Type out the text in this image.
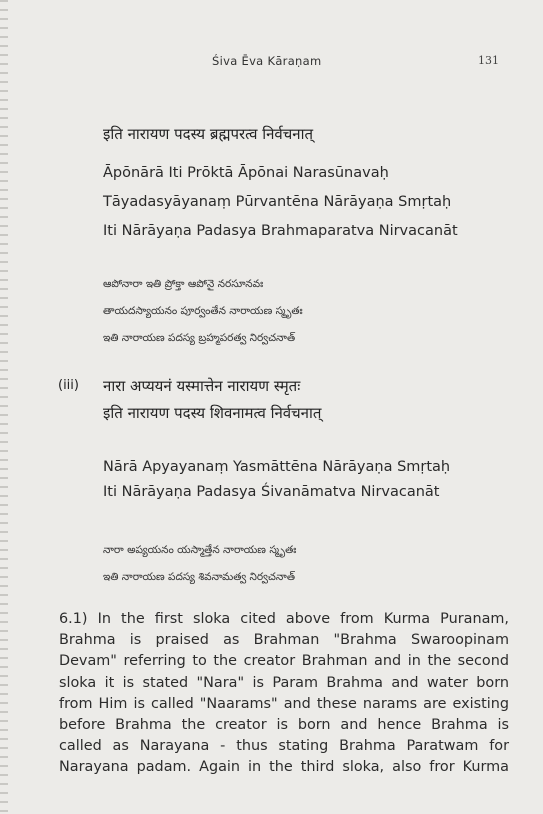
Śiva Ēva Kāraṇam	131
इति नारायण पदस्य ब्रह्मपरत्व निर्वचनात्
Āpōnārā Iti Prōktā Āpōnai Narasūnavaḥ
Tāyadasyāyanaṃ Pūrvantēna Nārāyaṇa Smṛtaḥ
Iti Nārāyaṇa Padasya Brahmaparatva Nirvacanāt
ఆపోనారా ఇతి ప్రోక్తా ఆపోనై నరసూనవః
తాయదస్యాయనం పూర్వంతేన నారాయణ స్మృతః
ఇతి నారాయణ పదస్య బ్రహ్మపరత్వ నిర్వచనాత్
(iii) नारा अप्ययनं यस्मात्तेन नारायण स्मृतः
इति नारायण पदस्य शिवनामत्व निर्वचनात्
Nārā Apyayanaṃ Yasmāttēna Nārāyaṇa Smṛtaḥ
Iti Nārāyaṇa Padasya Śivanāmatva Nirvacanāt
నారా అప్యయనం యస్మాత్తేన నారాయణ స్మృతః
ఇతి నారాయణ పదస్య శివనామత్వ నిర్వచనాత్
6.1) In the first sloka cited above from Kurma Puranam,
Brahma is praised as Brahman "Brahma Swaroopinam
Devam" referring to the creator Brahman and in the second
sloka it is stated "Nara" is Param Brahma and water born
from Him is called "Naarams" and these narams are existing
before Brahma the creator is born and hence Brahma is
called as Narayana - thus stating Brahma Paratwam for
Narayana padam. Again in the third sloka, also fror Kurma
